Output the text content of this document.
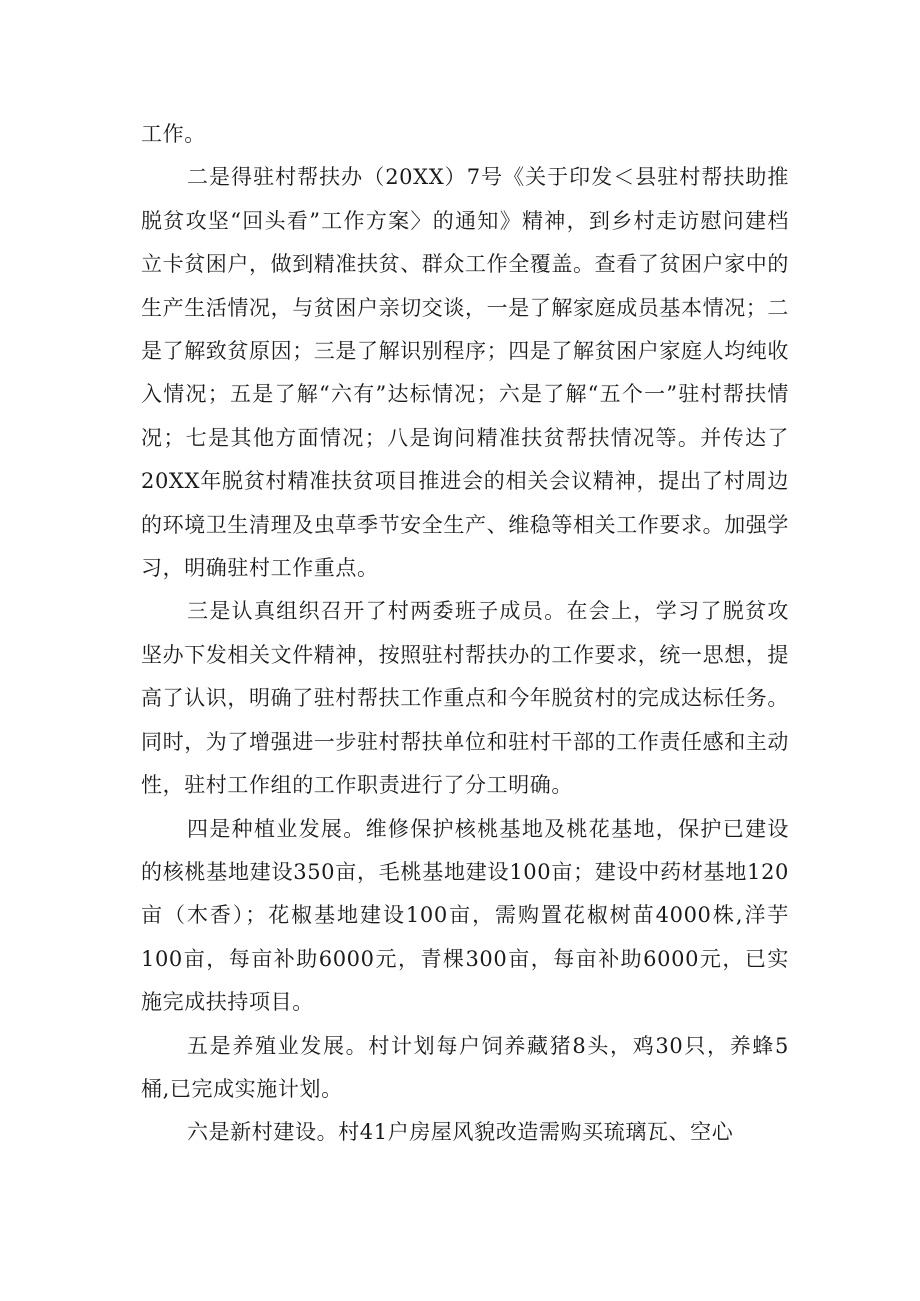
工作。

二是得驻村帮扶办（20XX）7号《关于印发＜县驻村帮扶助推脱贫攻坚“回头看”工作方案〉的通知》精神，到乡村走访慰问建档立卡贫困户，做到精准扶贫、群众工作全覆盖。查看了贫困户家中的生产生活情况，与贫困户亲切交谈，一是了解家庭成员基本情况；二是了解致贫原因；三是了解识别程序；四是了解贫困户家庭人均纯收入情况；五是了解“六有”达标情况；六是了解“五个一”驻村帮扶情况；七是其他方面情况；八是询问精准扶贫帮扶情况等。并传达了20XX年脱贫村精准扶贫项目推进会的相关会议精神，提出了村周边的环境卫生清理及虫草季节安全生产、维稳等相关工作要求。加强学习，明确驻村工作重点。

三是认真组织召开了村两委班子成员。在会上，学习了脱贫攻坚办下发相关文件精神，按照驻村帮扶办的工作要求，统一思想，提高了认识，明确了驻村帮扶工作重点和今年脱贫村的完成达标任务。同时，为了增强进一步驻村帮扶单位和驻村干部的工作责任感和主动性，驻村工作组的工作职责进行了分工明确。

四是种植业发展。维修保护核桃基地及桃花基地，保护已建设的核桃基地建设350亩，毛桃基地建设100亩；建设中药材基地120亩（木香）；花椒基地建设100亩，需购置花椒树苗4000株,洋芋100亩，每亩补助6000元，青棵300亩，每亩补助6000元，已实施完成扶持项目。

五是养殖业发展。村计划每户饲养藏猪8头，鸡30只，养蜂5桶,已完成实施计划。

六是新村建设。村41户房屋风貌改造需购买琉璃瓦、空心
